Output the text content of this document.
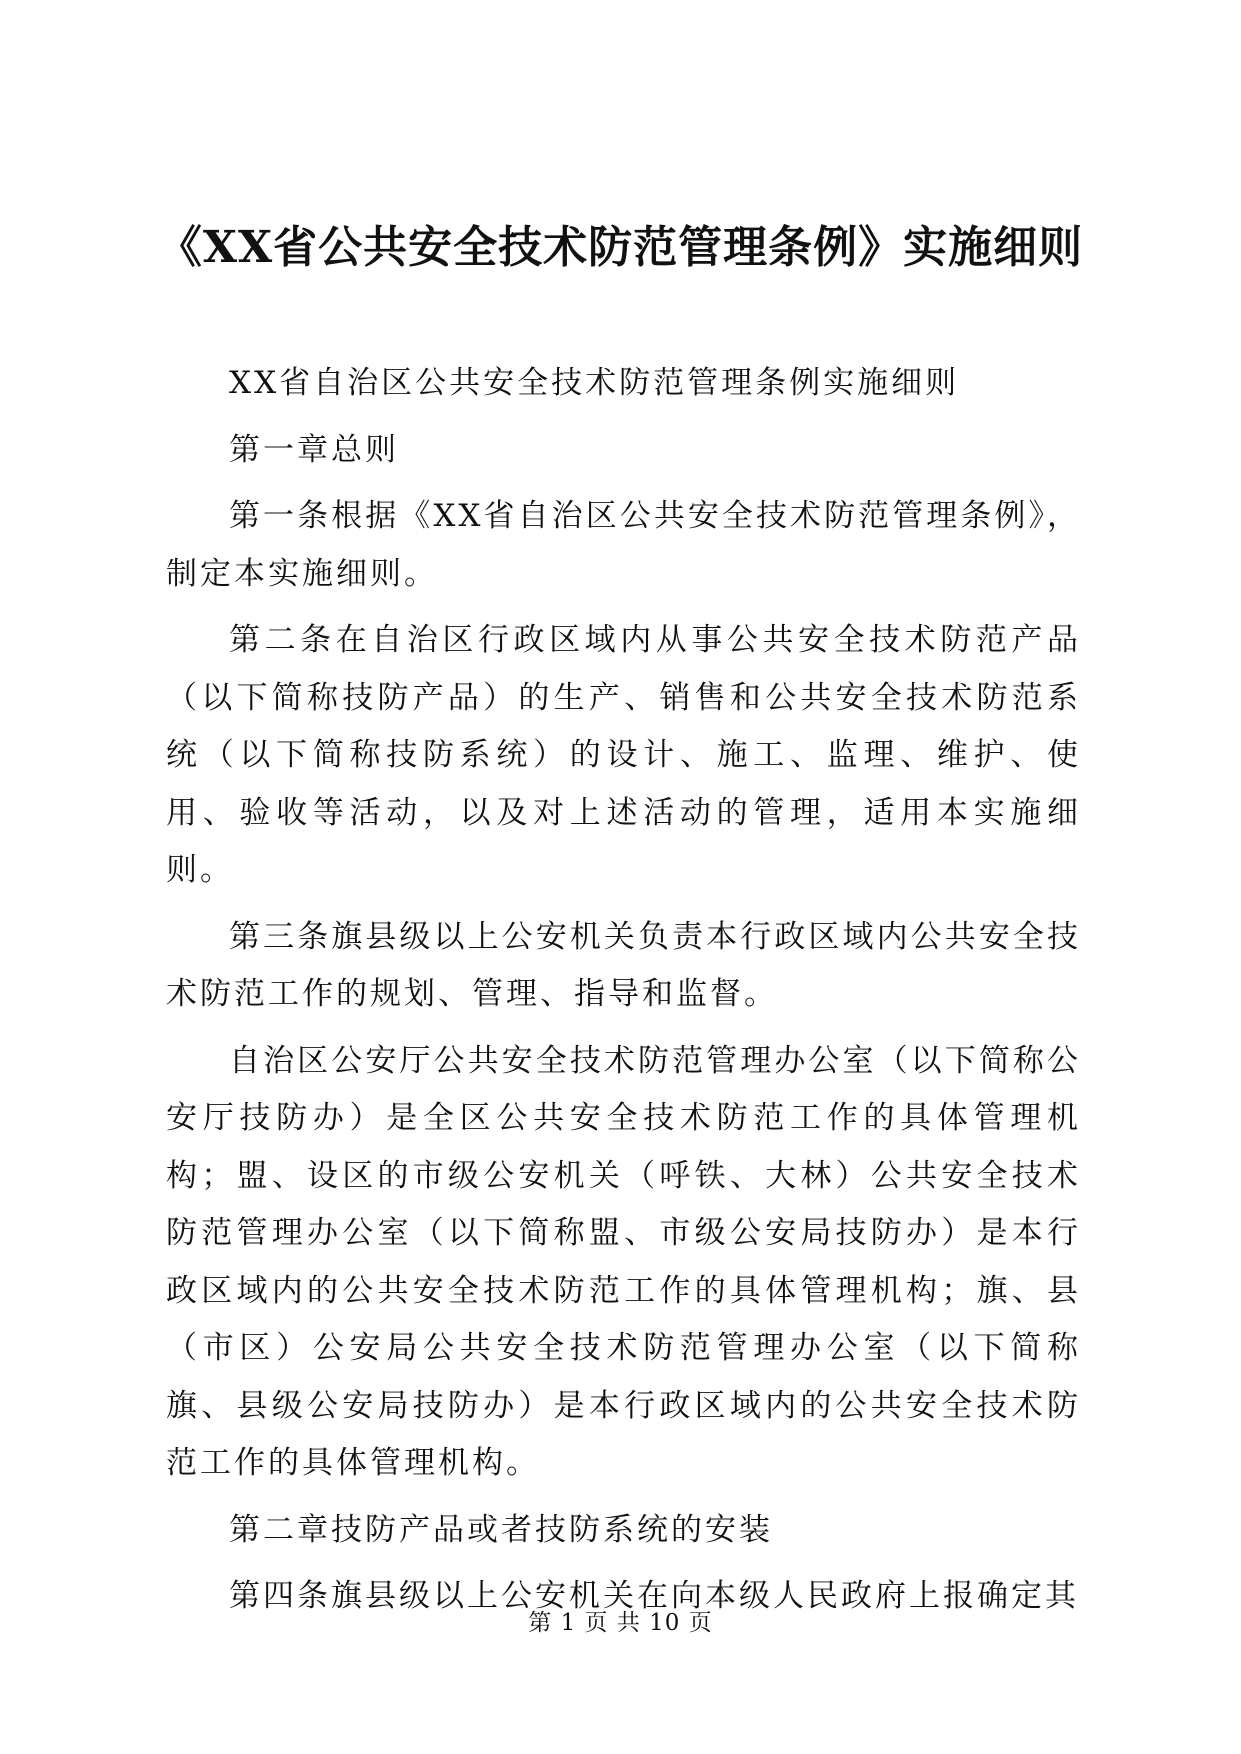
《XX省公共安全技术防范管理条例》实施细则

XX省自治区公共安全技术防范管理条例实施细则

第一章总则

第一条根据《XX省自治区公共安全技术防范管理条例》，制定本实施细则。

第二条在自治区行政区域内从事公共安全技术防范产品（以下简称技防产品）的生产、销售和公共安全技术防范系统（以下简称技防系统）的设计、施工、监理、维护、使用、验收等活动，以及对上述活动的管理，适用本实施细则。

第三条旗县级以上公安机关负责本行政区域内公共安全技术防范工作的规划、管理、指导和监督。

自治区公安厅公共安全技术防范管理办公室（以下简称公安厅技防办）是全区公共安全技术防范工作的具体管理机构；盟、设区的市级公安机关（呼铁、大林）公共安全技术防范管理办公室（以下简称盟、市级公安局技防办）是本行政区域内的公共安全技术防范工作的具体管理机构；旗、县（市区）公安局公共安全技术防范管理办公室（以下简称旗、县级公安局技防办）是本行政区域内的公共安全技术防范工作的具体管理机构。

第二章技防产品或者技防系统的安装

第四条旗县级以上公安机关在向本级人民政府上报确定其

第 1 页 共 10 页
